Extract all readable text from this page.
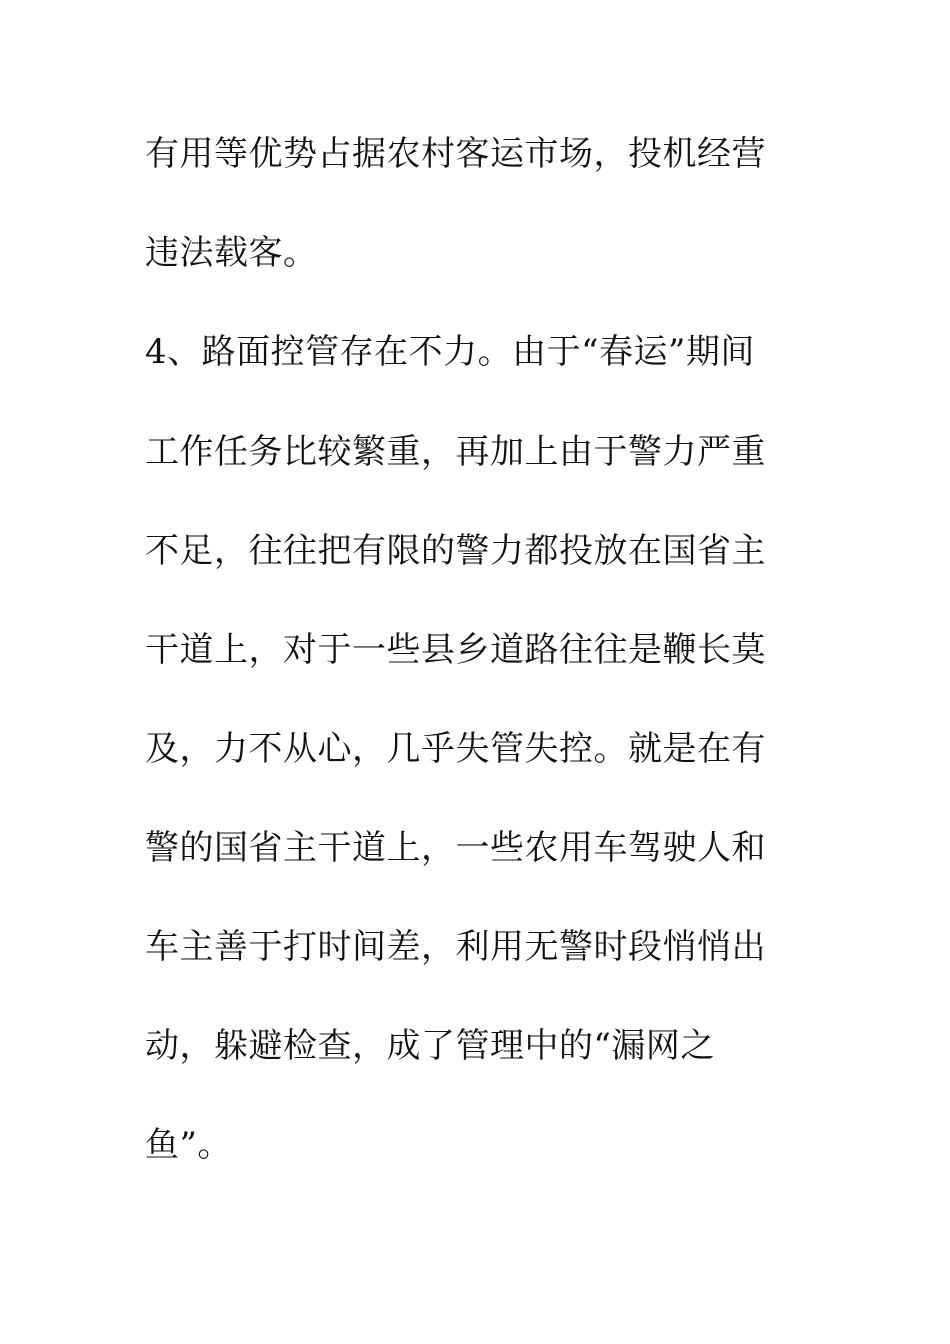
有用等优势占据农村客运市场，投机经营
违法载客。
4、路面控管存在不力。由于“春运”期间
工作任务比较繁重，再加上由于警力严重
不足，往往把有限的警力都投放在国省主
干道上，对于一些县乡道路往往是鞭长莫
及，力不从心，几乎失管失控。就是在有
警的国省主干道上，一些农用车驾驶人和
车主善于打时间差，利用无警时段悄悄出
动，躲避检查，成了管理中的“漏网之
鱼”。
